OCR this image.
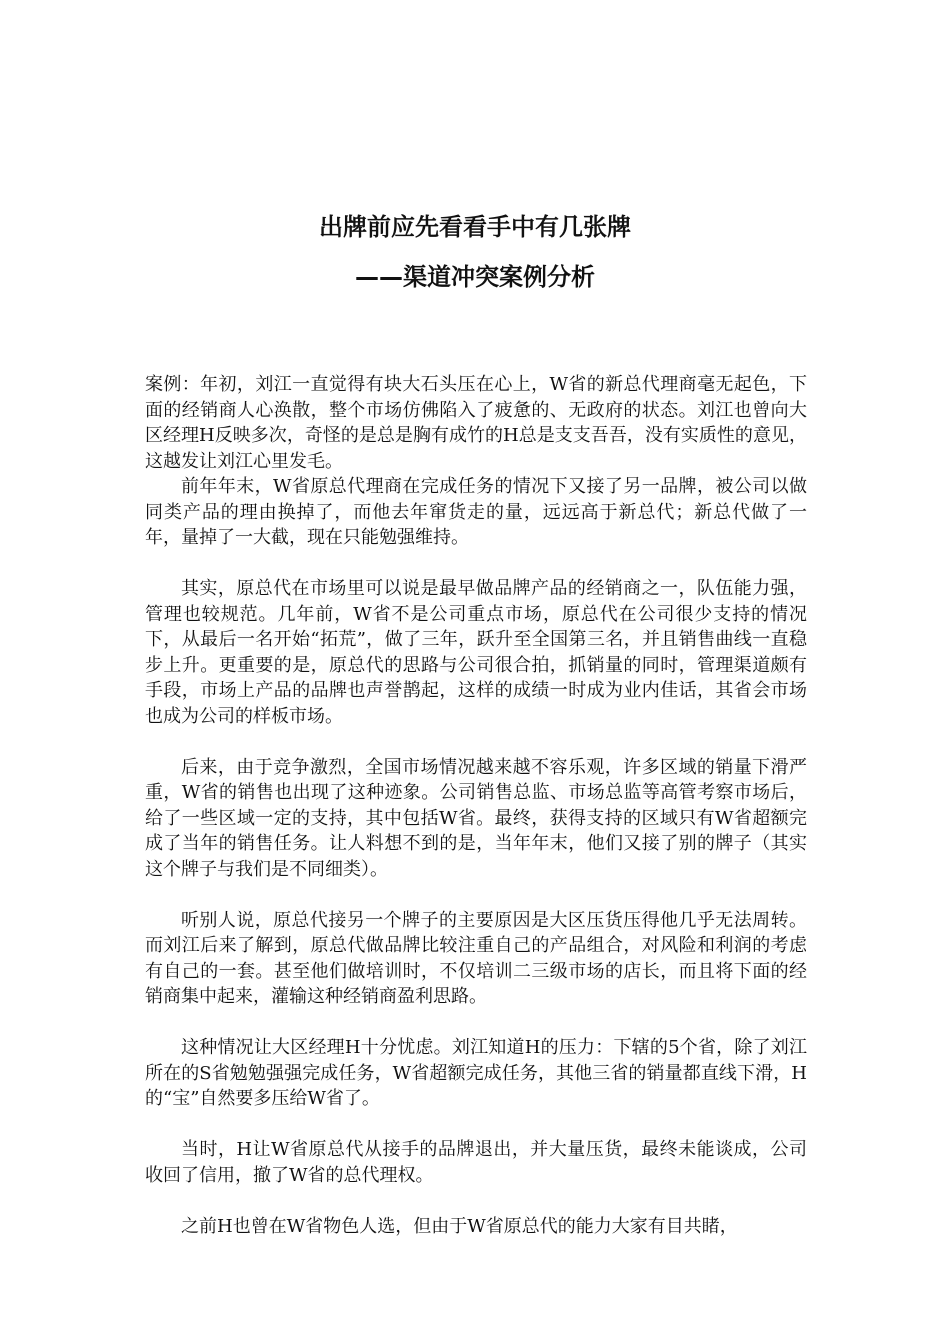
出牌前应先看看手中有几张牌
——渠道冲突案例分析

案例：年初，刘江一直觉得有块大石头压在心上，W省的新总代理商毫无起色，下面的经销商人心涣散，整个市场仿佛陷入了疲惫的、无政府的状态。刘江也曾向大区经理H反映多次，奇怪的是总是胸有成竹的H总是支支吾吾，没有实质性的意见，这越发让刘江心里发毛。

前年年末，W省原总代理商在完成任务的情况下又接了另一品牌，被公司以做同类产品的理由换掉了，而他去年窜货走的量，远远高于新总代；新总代做了一年，量掉了一大截，现在只能勉强维持。

其实，原总代在市场里可以说是最早做品牌产品的经销商之一，队伍能力强，管理也较规范。几年前，W省不是公司重点市场，原总代在公司很少支持的情况下，从最后一名开始“拓荒”，做了三年，跃升至全国第三名，并且销售曲线一直稳步上升。更重要的是，原总代的思路与公司很合拍，抓销量的同时，管理渠道颇有手段，市场上产品的品牌也声誉鹊起，这样的成绩一时成为业内佳话，其省会市场也成为公司的样板市场。

后来，由于竞争激烈，全国市场情况越来越不容乐观，许多区域的销量下滑严重，W省的销售也出现了这种迹象。公司销售总监、市场总监等高管考察市场后，给了一些区域一定的支持，其中包括W省。最终，获得支持的区域只有W省超额完成了当年的销售任务。让人料想不到的是，当年年末，他们又接了别的牌子（其实这个牌子与我们是不同细类）。

听别人说，原总代接另一个牌子的主要原因是大区压货压得他几乎无法周转。而刘江后来了解到，原总代做品牌比较注重自己的产品组合，对风险和利润的考虑有自己的一套。甚至他们做培训时，不仅培训二三级市场的店长，而且将下面的经销商集中起来，灌输这种经销商盈利思路。

这种情况让大区经理H十分忧虑。刘江知道H的压力：下辖的5个省，除了刘江所在的S省勉勉强强完成任务，W省超额完成任务，其他三省的销量都直线下滑，H的“宝”自然要多压给W省了。

当时，H让W省原总代从接手的品牌退出，并大量压货，最终未能谈成，公司收回了信用，撤了W省的总代理权。

之前H也曾在W省物色人选，但由于W省原总代的能力大家有目共睹，
